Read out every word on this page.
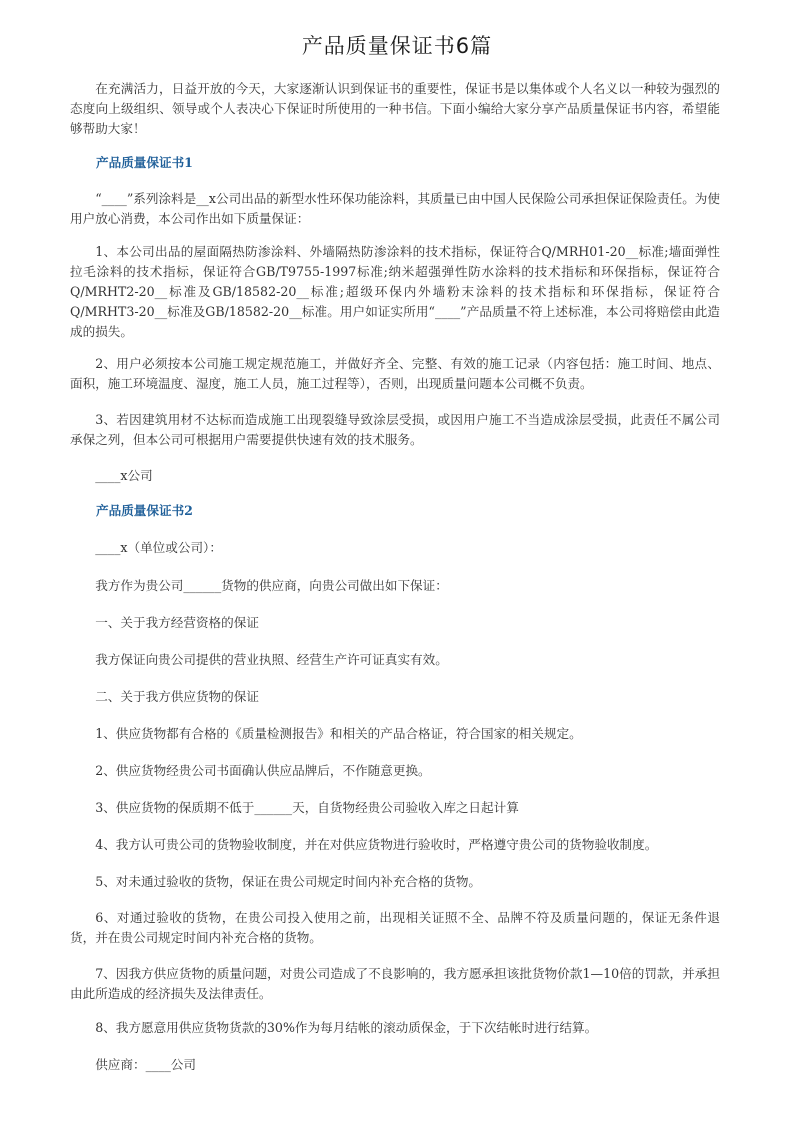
产品质量保证书6篇

在充满活力，日益开放的今天，大家逐渐认识到保证书的重要性，保证书是以集体或个人名义以一种较为强烈的态度向上级组织、领导或个人表决心下保证时所使用的一种书信。下面小编给大家分享产品质量保证书内容，希望能够帮助大家！

产品质量保证书1

“____”系列涂料是__x公司出品的新型水性环保功能涂料，其质量已由中国人民保险公司承担保证保险责任。为使用户放心消费，本公司作出如下质量保证：

1、本公司出品的屋面隔热防渗涂料、外墙隔热防渗涂料的技术指标，保证符合Q/MRH01-20__标准;墙面弹性拉毛涂料的技术指标，保证符合GB/T9755-1997标准;纳米超强弹性防水涂料的技术指标和环保指标，保证符合Q/MRHT2-20__标准及GB/18582-20__标准;超级环保内外墙粉末涂料的技术指标和环保指标，保证符合Q/MRHT3-20__标准及GB/18582-20__标准。用户如证实所用“____”产品质量不符上述标准，本公司将赔偿由此造成的损失。

2、用户必须按本公司施工规定规范施工，并做好齐全、完整、有效的施工记录（内容包括：施工时间、地点、面积，施工环境温度、湿度，施工人员，施工过程等），否则，出现质量问题本公司概不负责。

3、若因建筑用材不达标而造成施工出现裂缝导致涂层受损，或因用户施工不当造成涂层受损，此责任不属公司承保之列，但本公司可根据用户需要提供快速有效的技术服务。

____x公司

产品质量保证书2

____x（单位或公司）：

我方作为贵公司______货物的供应商，向贵公司做出如下保证：

一、关于我方经营资格的保证

我方保证向贵公司提供的营业执照、经营生产许可证真实有效。

二、关于我方供应货物的保证

1、供应货物都有合格的《质量检测报告》和相关的产品合格证，符合国家的相关规定。

2、供应货物经贵公司书面确认供应品牌后，不作随意更换。

3、供应货物的保质期不低于______天，自货物经贵公司验收入库之日起计算

4、我方认可贵公司的货物验收制度，并在对供应货物进行验收时，严格遵守贵公司的货物验收制度。

5、对未通过验收的货物，保证在贵公司规定时间内补充合格的货物。

6、对通过验收的货物，在贵公司投入使用之前，出现相关证照不全、品牌不符及质量问题的，保证无条件退货，并在贵公司规定时间内补充合格的货物。

7、因我方供应货物的质量问题，对贵公司造成了不良影响的，我方愿承担该批货物价款1—10倍的罚款，并承担由此所造成的经济损失及法律责任。

8、我方愿意用供应货物货款的30%作为每月结帐的滚动质保金，于下次结帐时进行结算。

供应商：____公司
